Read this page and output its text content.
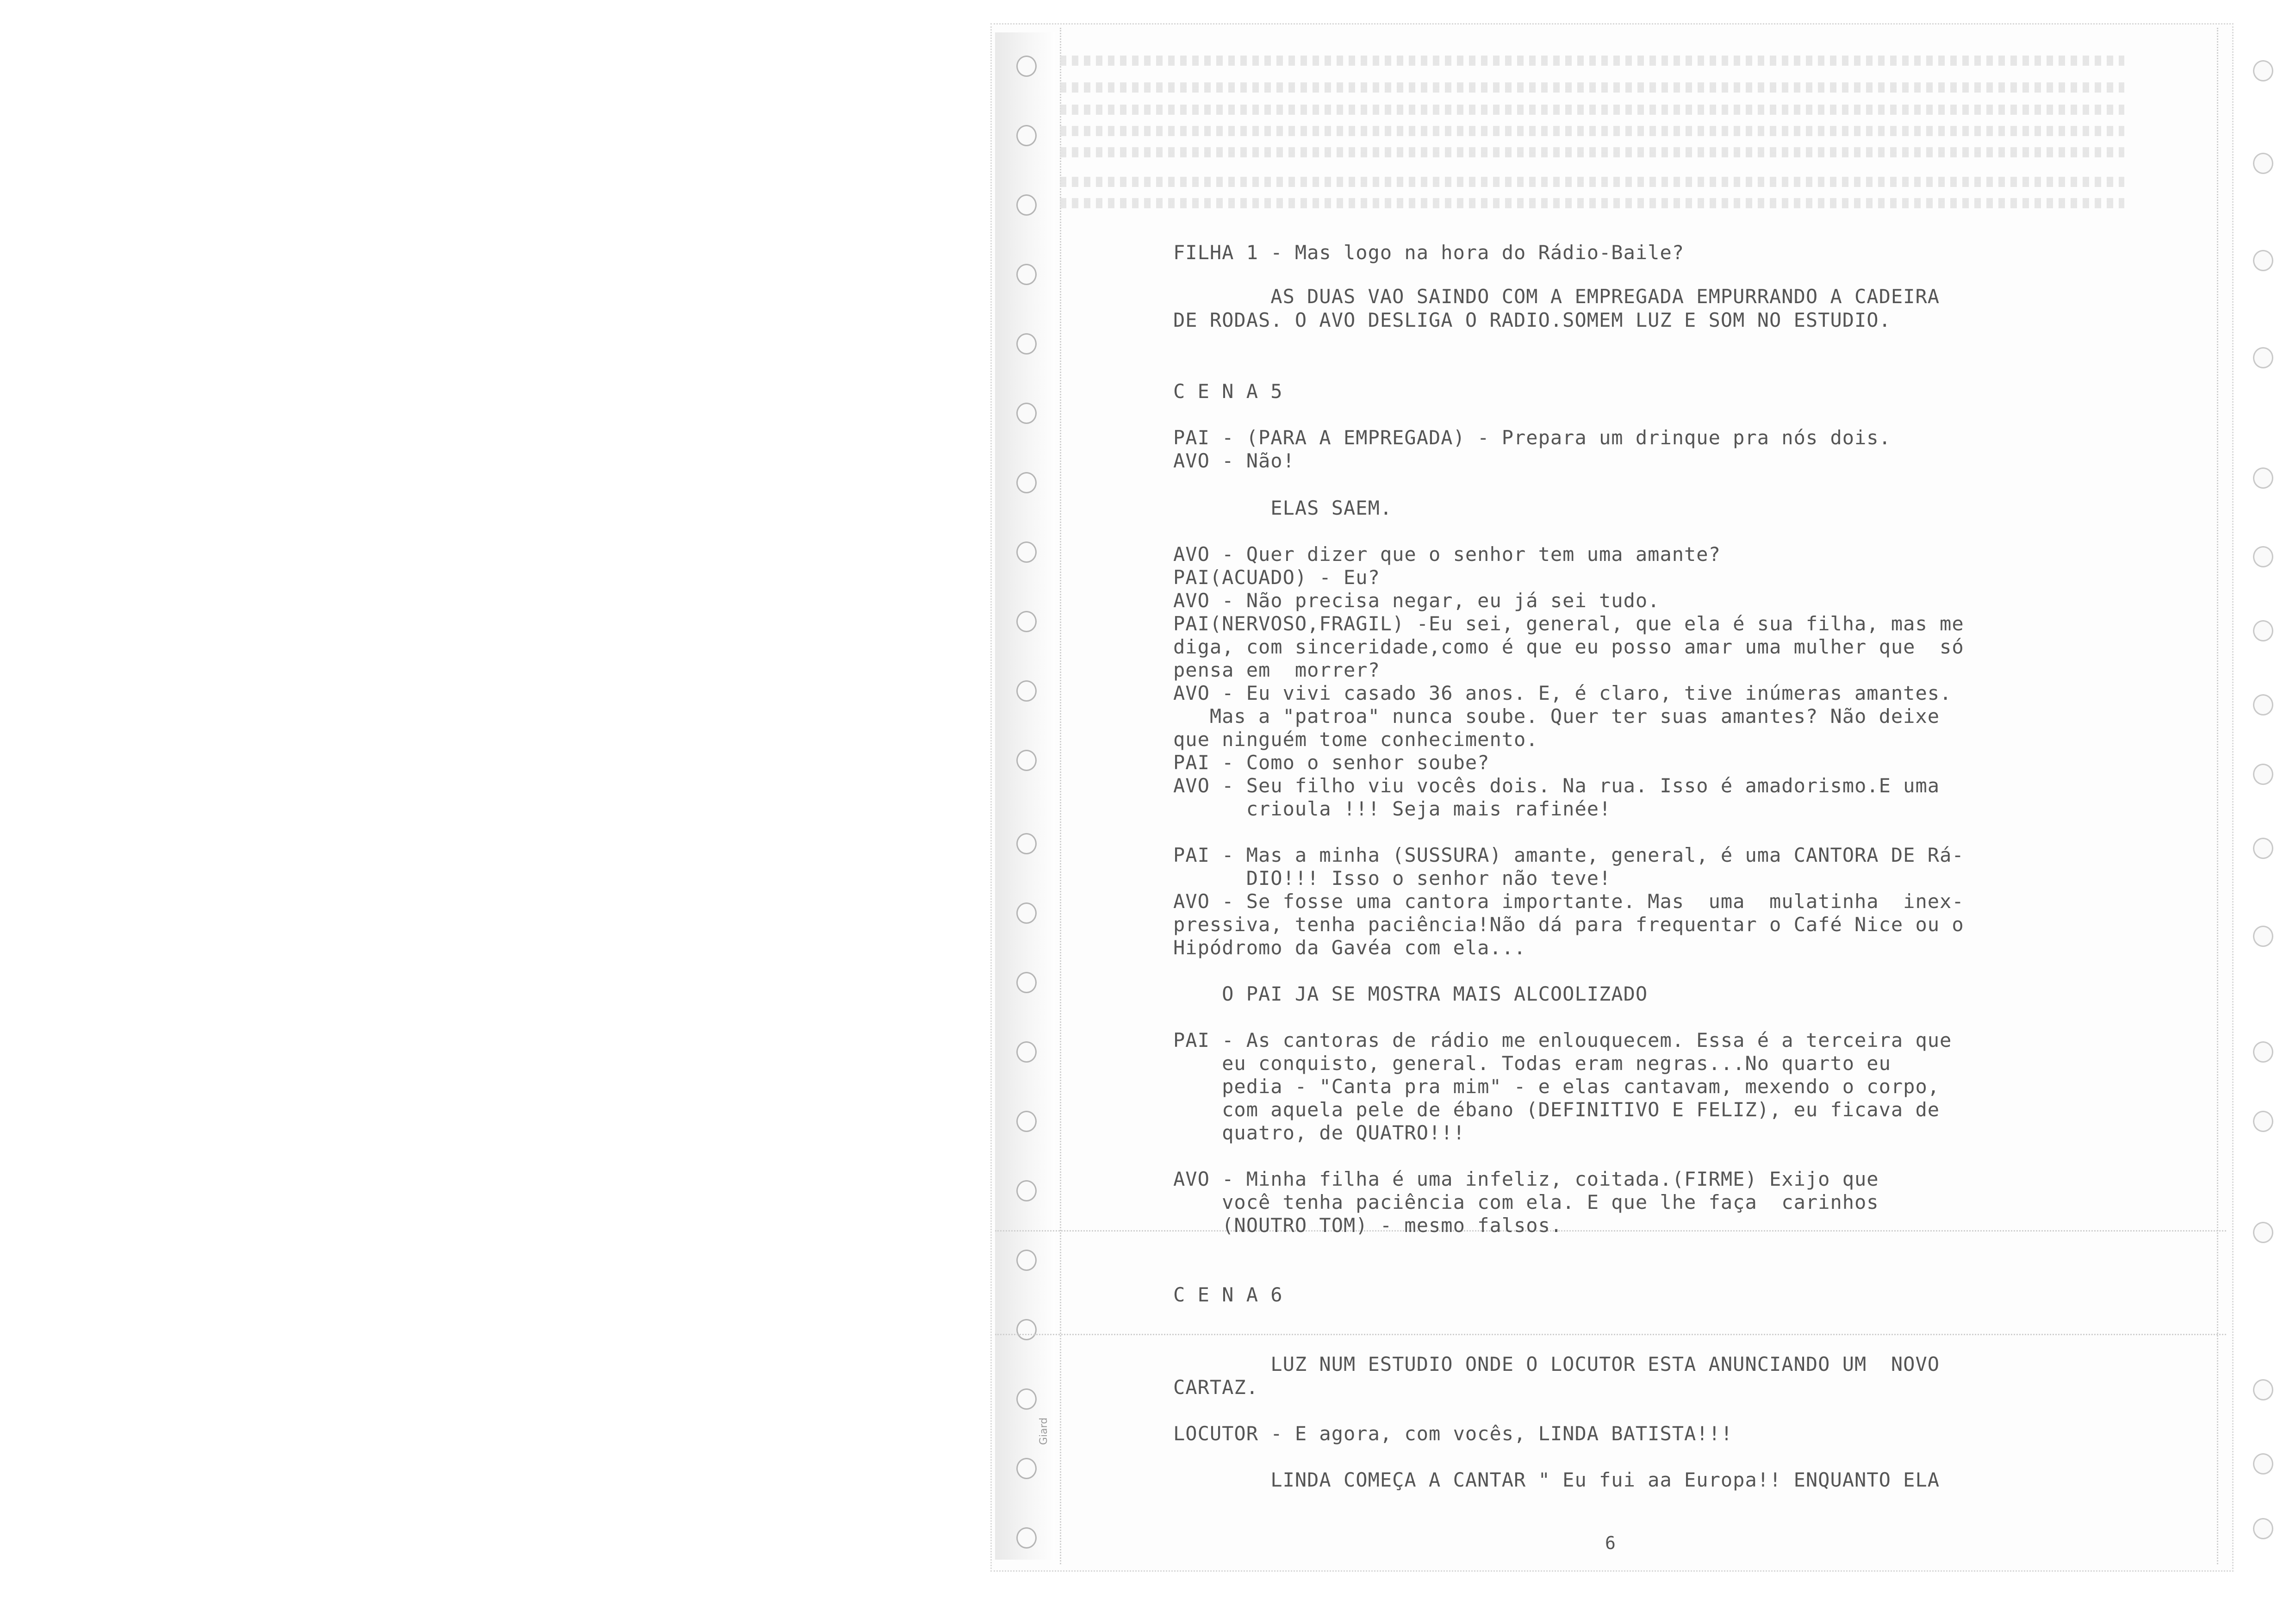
Giard

FILHA 1 - Mas logo na hora do Rádio-Baile?

AS DUAS VAO SAINDO COM A EMPREGADA EMPURRANDO A CADEIRA

DE RODAS. O AVO DESLIGA O RADIO.SOMEM LUZ E SOM NO ESTUDIO.

C E N A 5

PAI - (PARA A EMPREGADA) - Prepara um drinque pra nós dois.

AVO - Não!

ELAS SAEM.

AVO - Quer dizer que o senhor tem uma amante?

PAI(ACUADO) - Eu?

AVO - Não precisa negar, eu já sei tudo.

PAI(NERVOSO,FRAGIL) -Eu sei, general, que ela é sua filha, mas me

diga, com sinceridade,como é que eu posso amar uma mulher que  só

pensa em  morrer?

AVO - Eu vivi casado 36 anos. E, é claro, tive inúmeras amantes.

Mas a "patroa" nunca soube. Quer ter suas amantes? Não deixe

que ninguém tome conhecimento.

PAI - Como o senhor soube?

AVO - Seu filho viu vocês dois. Na rua. Isso é amadorismo.E uma

crioula !!! Seja mais rafinée!

PAI - Mas a minha (SUSSURA) amante, general, é uma CANTORA DE Rá-

DIO!!! Isso o senhor não teve!

AVO - Se fosse uma cantora importante. Mas  uma  mulatinha  inex-

pressiva, tenha paciência!Não dá para frequentar o Café Nice ou o

Hipódromo da Gavéa com ela...

O PAI JA SE MOSTRA MAIS ALCOOLIZADO

PAI - As cantoras de rádio me enlouquecem. Essa é a terceira que

eu conquisto, general. Todas eram negras...No quarto eu

pedia - "Canta pra mim" - e elas cantavam, mexendo o corpo,

com aquela pele de ébano (DEFINITIVO E FELIZ), eu ficava de

quatro, de QUATRO!!!

AVO - Minha filha é uma infeliz, coitada.(FIRME) Exijo que

você tenha paciência com ela. E que lhe faça  carinhos

(NOUTRO TOM) - mesmo falsos.

C E N A 6

LUZ NUM ESTUDIO ONDE O LOCUTOR ESTA ANUNCIANDO UM  NOVO

CARTAZ.

LOCUTOR - E agora, com vocês, LINDA BATISTA!!!

LINDA COMEÇA A CANTAR " Eu fui aa Europa!! ENQUANTO ELA

6
